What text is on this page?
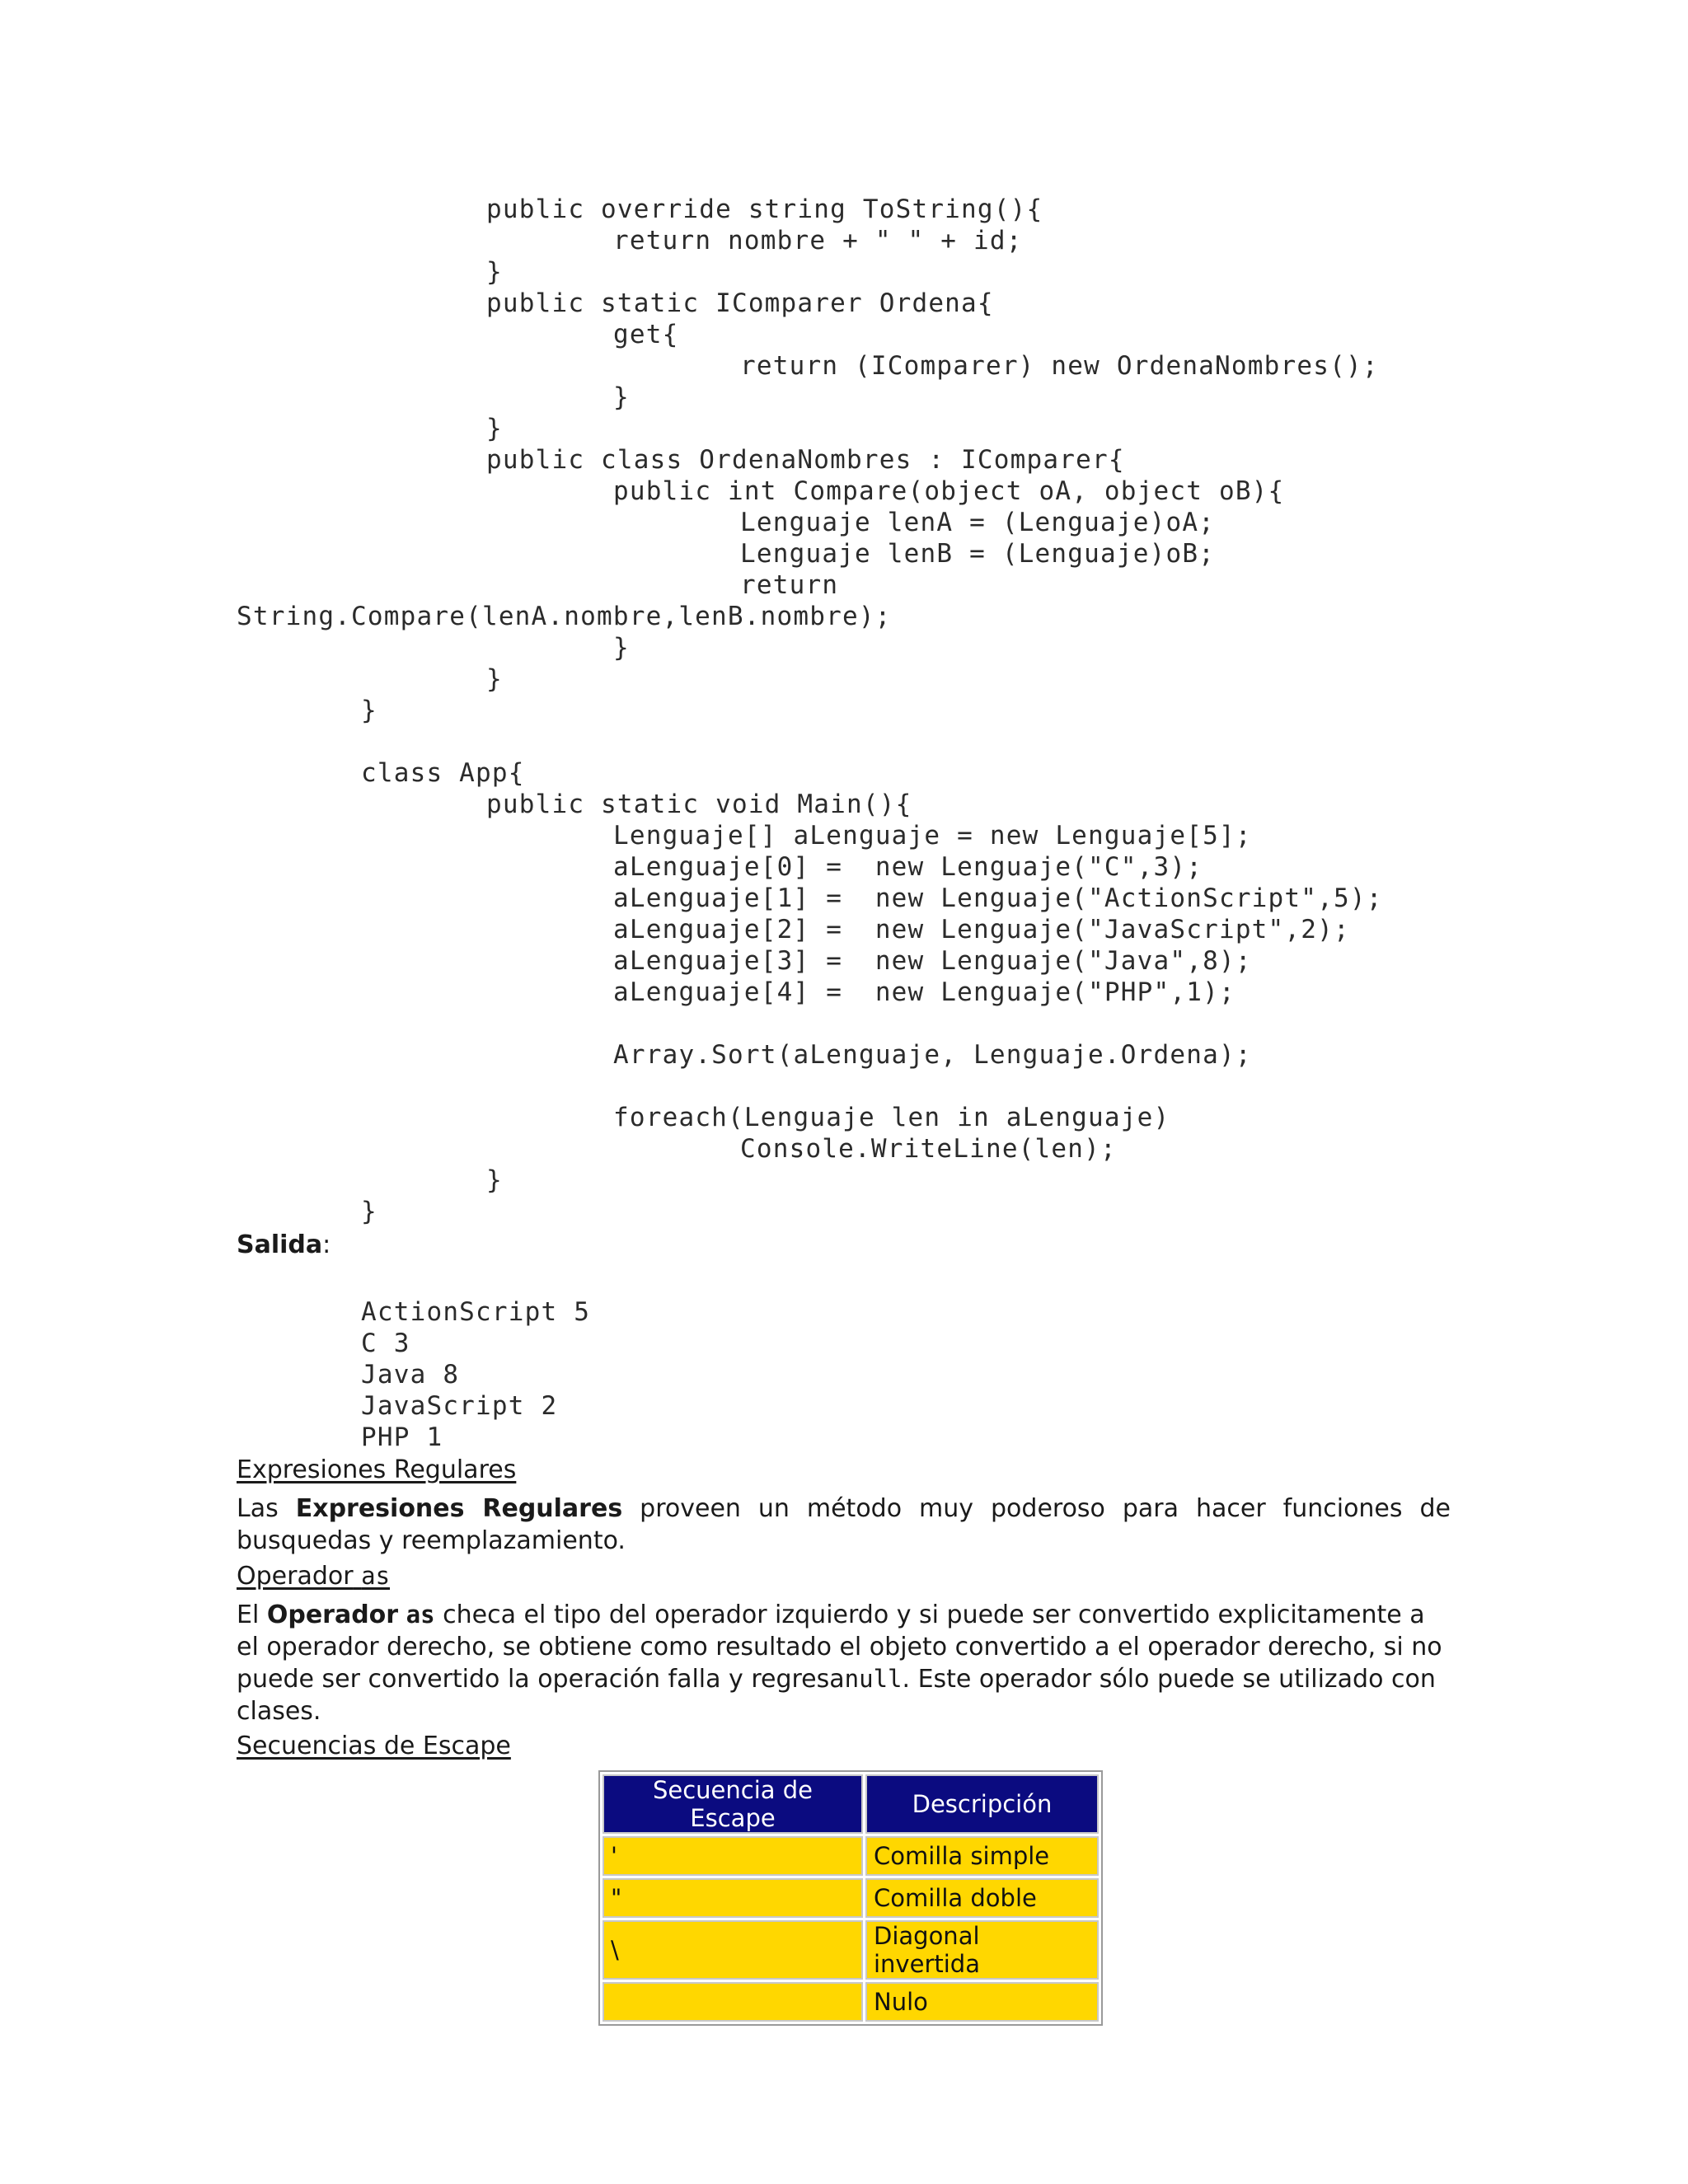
public override string ToString(){
return nombre + " " + id;
}
public static IComparer Ordena{
get{
return (IComparer) new OrdenaNombres();
}
}
public class OrdenaNombres : IComparer{
public int Compare(object oA, object oB){
Lenguaje lenA = (Lenguaje)oA;
Lenguaje lenB = (Lenguaje)oB;
return
String.Compare(lenA.nombre,lenB.nombre);
}
}
}
class App{
public static void Main(){
Lenguaje[] aLenguaje = new Lenguaje[5];
aLenguaje[0] =  new Lenguaje("C",3);
aLenguaje[1] =  new Lenguaje("ActionScript",5);
aLenguaje[2] =  new Lenguaje("JavaScript",2);
aLenguaje[3] =  new Lenguaje("Java",8);
aLenguaje[4] =  new Lenguaje("PHP",1);
Array.Sort(aLenguaje, Lenguaje.Ordena);
foreach(Lenguaje len in aLenguaje)
Console.WriteLine(len);
}
}
Salida:
ActionScript 5
C 3
Java 8
JavaScript 2
PHP 1
Expresiones Regulares
Las Expresiones Regulares proveen un método muy poderoso para hacer funciones de busquedas y reemplazamiento.
Operador as
El Operador as checa el tipo del operador izquierdo y si puede ser convertido explicitamente a el operador derecho, se obtiene como resultado el objeto convertido a el operador derecho, si no puede ser convertido la operación falla y regresanull. Este operador sólo puede se utilizado con clases.
Secuencias de Escape
Secuencia de Escape	Descripción
'	Comilla simple
"	Comilla doble
\	Diagonal invertida
	Nulo
